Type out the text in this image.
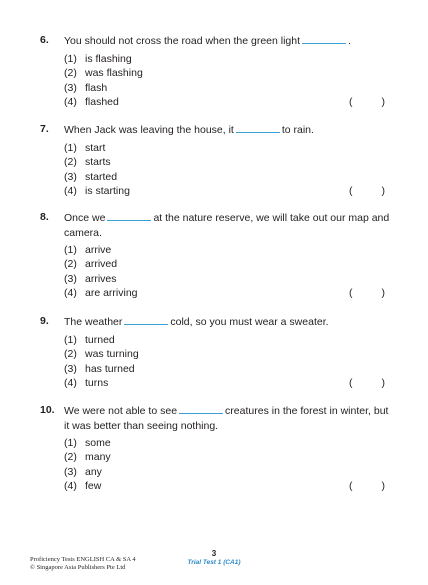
6. You should not cross the road when the green light	.
(1) is flashing
(2) was flashing
(3) flash
(4) flashed	(	)
7. When Jack was leaving the house, it	to rain.
(1) start
(2) starts
(3) started
(4) is starting	(	)
8. Once we	at the nature reserve, we will take out our map and
camera.
(1) arrive
(2) arrived
(3) arrives
(4) are arriving	(	)
9. The weather	cold, so you must wear a sweater.
(1) turned
(2) was turning
(3) has turned
(4) turns	(	)
10. We were not able to see	creatures in the forest in winter, but
it was better than seeing nothing.
(1) some
(2) many
(3) any
(4) few	(	)
Proficiency Tests ENGLISH CA & SA 4
© Singapore Asia Publishers Pte Ltd
3
Trial Test 1 (CA1)
